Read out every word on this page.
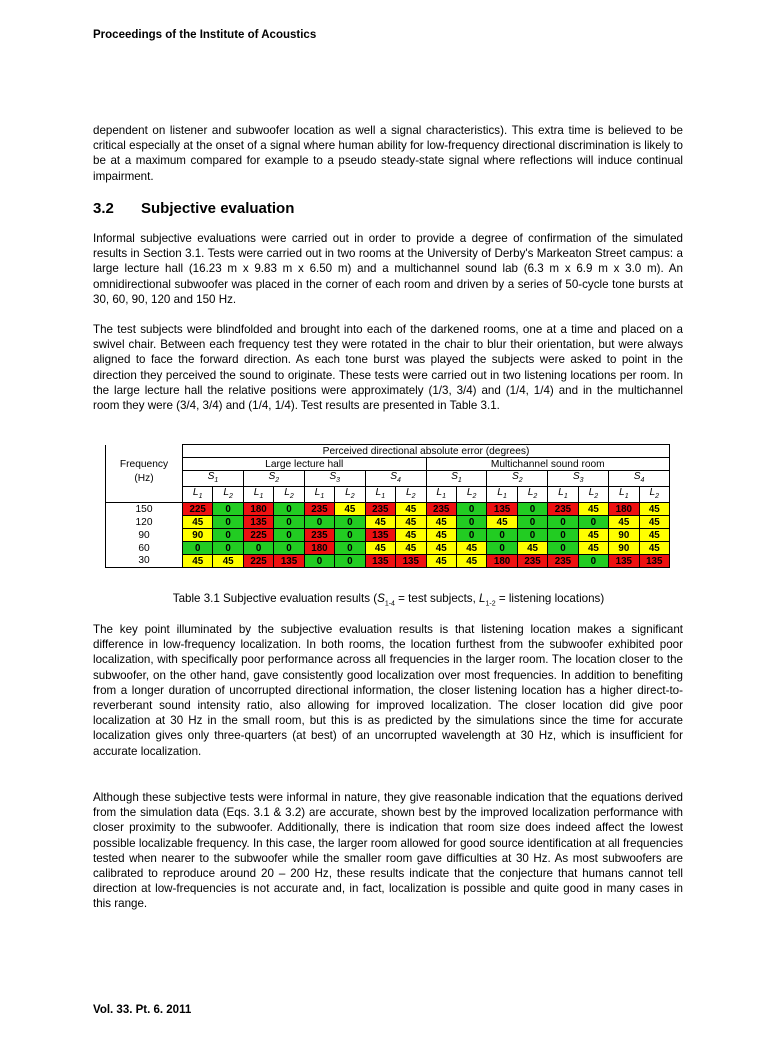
Proceedings of the Institute of Acoustics

dependent on listener and subwoofer location as well a signal characteristics). This extra time is believed to be critical especially at the onset of a signal where human ability for low-frequency directional discrimination is likely to be at a maximum compared for example to a pseudo steady-state signal where reflections will induce continual impairment.

3.2 Subjective evaluation

Informal subjective evaluations were carried out in order to provide a degree of confirmation of the simulated results in Section 3.1. Tests were carried out in two rooms at the University of Derby's Markeaton Street campus: a large lecture hall (16.23 m x 9.83 m x 6.50 m) and a multichannel sound lab (6.3 m x 6.9 m x 3.0 m). An omnidirectional subwoofer was placed in the corner of each room and driven by a series of 50-cycle tone bursts at 30, 60, 90, 120 and 150 Hz.

The test subjects were blindfolded and brought into each of the darkened rooms, one at a time and placed on a swivel chair. Between each frequency test they were rotated in the chair to blur their orientation, but were always aligned to face the forward direction. As each tone burst was played the subjects were asked to point in the direction they perceived the sound to originate. These tests were carried out in two listening locations per room. In the large lecture hall the relative positions were approximately (1/3, 3/4) and (1/4, 1/4) and in the multichannel room they were (3/4, 3/4) and (1/4, 1/4). Test results are presented in Table 3.1.

	Perceived directional absolute error (degrees)															
Frequency	Large lecture hall								Multichannel sound room							
(Hz)	$S_1$		$S_2$		$S_3$		$S_4$		$S_1$		$S_2$		$S_3$		$S_4$
	$L_1$	$L_2$	$L_1$	$L_2$	$L_1$	$L_2$	$L_1$	$L_2$	$L_1$	$L_2$	$L_1$	$L_2$	$L_1$	$L_2$	$L_1$	$L_2$
150	225	0	180	0	235	45	235	45	235	0	135	0	235	45	180	45
120	45	0	135	0	0	0	45	45	45	0	45	0	0	0	45	45
90	90	0	225	0	235	0	135	45	45	0	0	0	0	45	90	45
60	0	0	0	0	180	0	45	45	45	45	0	45	0	45	90	45
30	45	45	225	135	0	0	135	135	45	45	180	235	235	0	135	135
Table 3.1 Subjective evaluation results ($S_{1-4}$ = test subjects, $L_{1-2}$ = listening locations)

The key point illuminated by the subjective evaluation results is that listening location makes a significant difference in low-frequency localization. In both rooms, the location furthest from the subwoofer exhibited poor localization, with specifically poor performance across all frequencies in the larger room. The location closer to the subwoofer, on the other hand, gave consistently good localization over most frequencies. In addition to benefiting from a longer duration of uncorrupted directional information, the closer listening location has a higher direct-to-reverberant sound intensity ratio, also allowing for improved localization. The closer location did give poor localization at 30 Hz in the small room, but this is as predicted by the simulations since the time for accurate localization gives only three-quarters (at best) of an uncorrupted wavelength at 30 Hz, which is insufficient for accurate localization.

Although these subjective tests were informal in nature, they give reasonable indication that the equations derived from the simulation data (Eqs. 3.1 & 3.2) are accurate, shown best by the improved localization performance with closer proximity to the subwoofer. Additionally, there is indication that room size does indeed affect the lowest possible localizable frequency. In this case, the larger room allowed for good source identification at all frequencies tested when nearer to the subwoofer while the smaller room gave difficulties at 30 Hz. As most subwoofers are calibrated to reproduce around 20 – 200 Hz, these results indicate that the conjecture that humans cannot tell direction at low-frequencies is not accurate and, in fact, localization is possible and quite good in many cases in this range.

Vol. 33. Pt. 6. 2011
